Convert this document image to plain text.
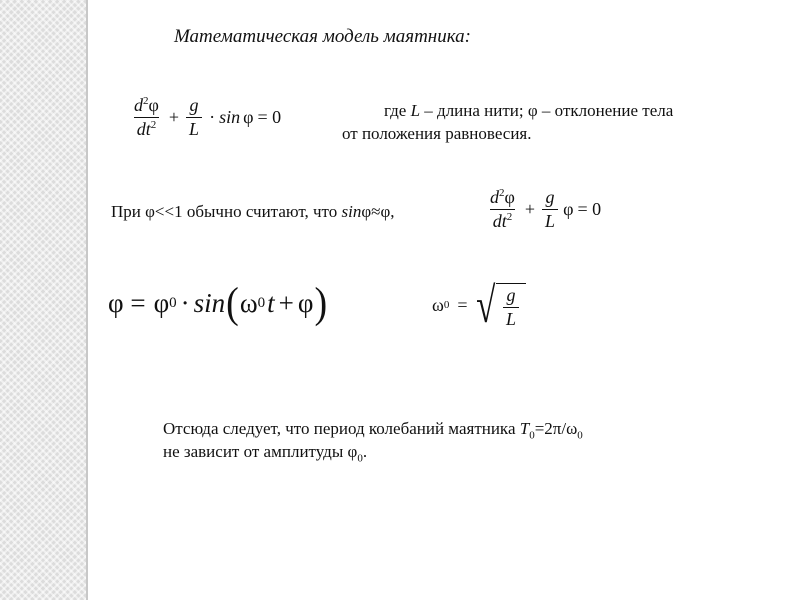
Математическая модель маятника:
$\frac{d^2\varphi}{dt^2} + \frac{g}{L} \cdot \sin \varphi = 0$	где L – длина нити; φ – отклонение тела
от положения равновесия.
При φ<<1 обычно считают, что sinφ≈φ,	$\frac{d^2\varphi}{dt^2} + \frac{g}{L}$ φ = 0
φ = φ 0 · sin ( ω 0 t + φ )	ω 0 = √ $\frac{g}{L}$
Отсюда следует, что период колебаний маятника $T_0=2\pi/\omega_0$
не зависит от амплитуды $\varphi_0$.
